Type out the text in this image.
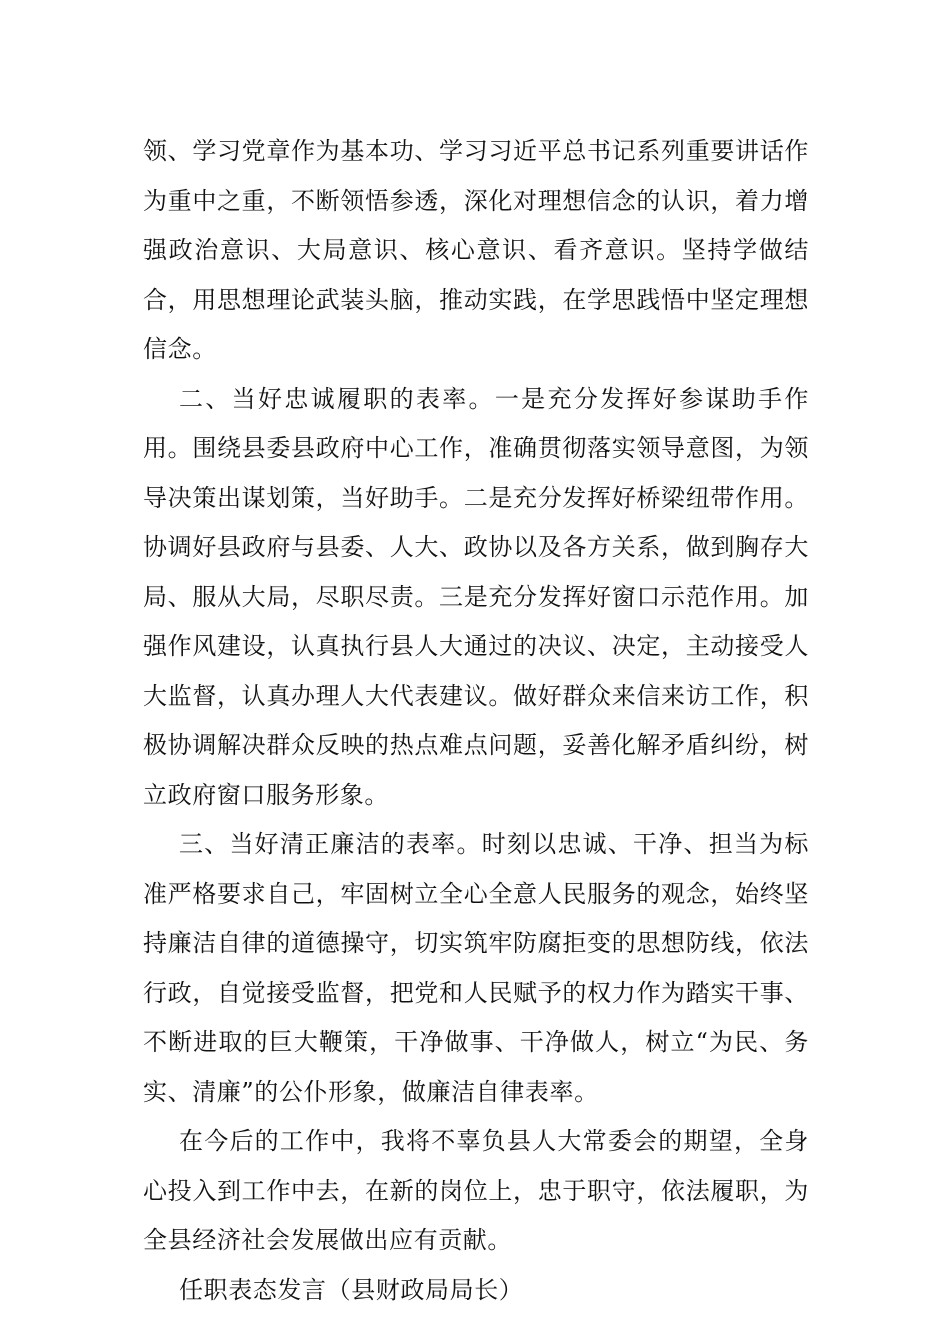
领、学习党章作为基本功、学习习近平总书记系列重要讲话作为重中之重，不断领悟参透，深化对理想信念的认识，着力增强政治意识、大局意识、核心意识、看齐意识。坚持学做结合，用思想理论武装头脑，推动实践，在学思践悟中坚定理想信念。

二、当好忠诚履职的表率。一是充分发挥好参谋助手作用。围绕县委县政府中心工作，准确贯彻落实领导意图，为领导决策出谋划策，当好助手。二是充分发挥好桥梁纽带作用。协调好县政府与县委、人大、政协以及各方关系，做到胸存大局、服从大局，尽职尽责。三是充分发挥好窗口示范作用。加强作风建设，认真执行县人大通过的决议、决定，主动接受人大监督，认真办理人大代表建议。做好群众来信来访工作，积极协调解决群众反映的热点难点问题，妥善化解矛盾纠纷，树立政府窗口服务形象。

三、当好清正廉洁的表率。时刻以忠诚、干净、担当为标准严格要求自己，牢固树立全心全意人民服务的观念，始终坚持廉洁自律的道德操守，切实筑牢防腐拒变的思想防线，依法行政，自觉接受监督，把党和人民赋予的权力作为踏实干事、不断进取的巨大鞭策，干净做事、干净做人，树立“为民、务实、清廉”的公仆形象，做廉洁自律表率。

在今后的工作中，我将不辜负县人大常委会的期望，全身心投入到工作中去，在新的岗位上，忠于职守，依法履职，为全县经济社会发展做出应有贡献。

任职表态发言（县财政局局长）
